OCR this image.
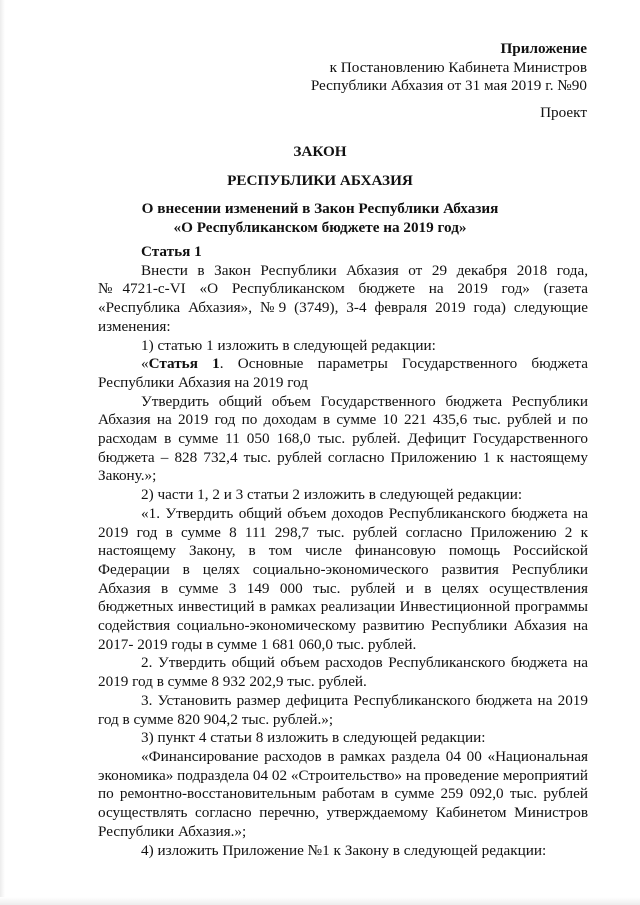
Приложение
к Постановлению Кабинета Министров
Республики Абхазия от 31 мая 2019 г. №90
Проект
ЗАКОН
РЕСПУБЛИКИ АБХАЗИЯ
О внесении изменений в Закон Республики Абхазия
«О Республиканском бюджете на 2019 год»

Статья 1

Внести в Закон Республики Абхазия от 29 декабря 2018 года, №4721-с-VI «О Республиканском бюджете на 2019 год» (газета «Республика Абхазия», №9 (3749), 3-4 февраля 2019 года) следующие изменения:

1) статью 1 изложить в следующей редакции:

«Статья 1. Основные параметры Государственного бюджета Республики Абхазия на 2019 год

Утвердить общий объем Государственного бюджета Республики Абхазия на 2019 год по доходам в сумме 10 221 435,6 тыс. рублей и по расходам в сумме 11 050 168,0 тыс. рублей. Дефицит Государственного бюджета – 828 732,4 тыс. рублей согласно Приложению 1 к настоящему Закону.»;

2) части 1, 2 и 3 статьи 2 изложить в следующей редакции:

«1. Утвердить общий объем доходов Республиканского бюджета на 2019 год в сумме 8 111 298,7 тыс. рублей согласно Приложению 2 к настоящему Закону, в том числе финансовую помощь Российской Федерации в целях социально-экономического развития Республики Абхазия в сумме 3 149 000 тыс. рублей и в целях осуществления бюджетных инвестиций в рамках реализации Инвестиционной программы содействия социально-экономическому развитию Республики Абхазия на 2017- 2019 годы в сумме 1 681 060,0 тыс. рублей.

2. Утвердить общий объем расходов Республиканского бюджета на 2019 год в сумме 8 932 202,9 тыс. рублей.

3. Установить размер дефицита Республиканского бюджета на 2019 год в сумме 820 904,2 тыс. рублей.»;

3) пункт 4 статьи 8 изложить в следующей редакции:

«Финансирование расходов в рамках раздела 04 00 «Национальная экономика» подраздела 04 02 «Строительство» на проведение мероприятий по ремонтно-восстановительным работам в сумме 259 092,0 тыс. рублей осуществлять согласно перечню, утверждаемому Кабинетом Министров Республики Абхазия.»;

4) изложить Приложение №1 к Закону в следующей редакции:
